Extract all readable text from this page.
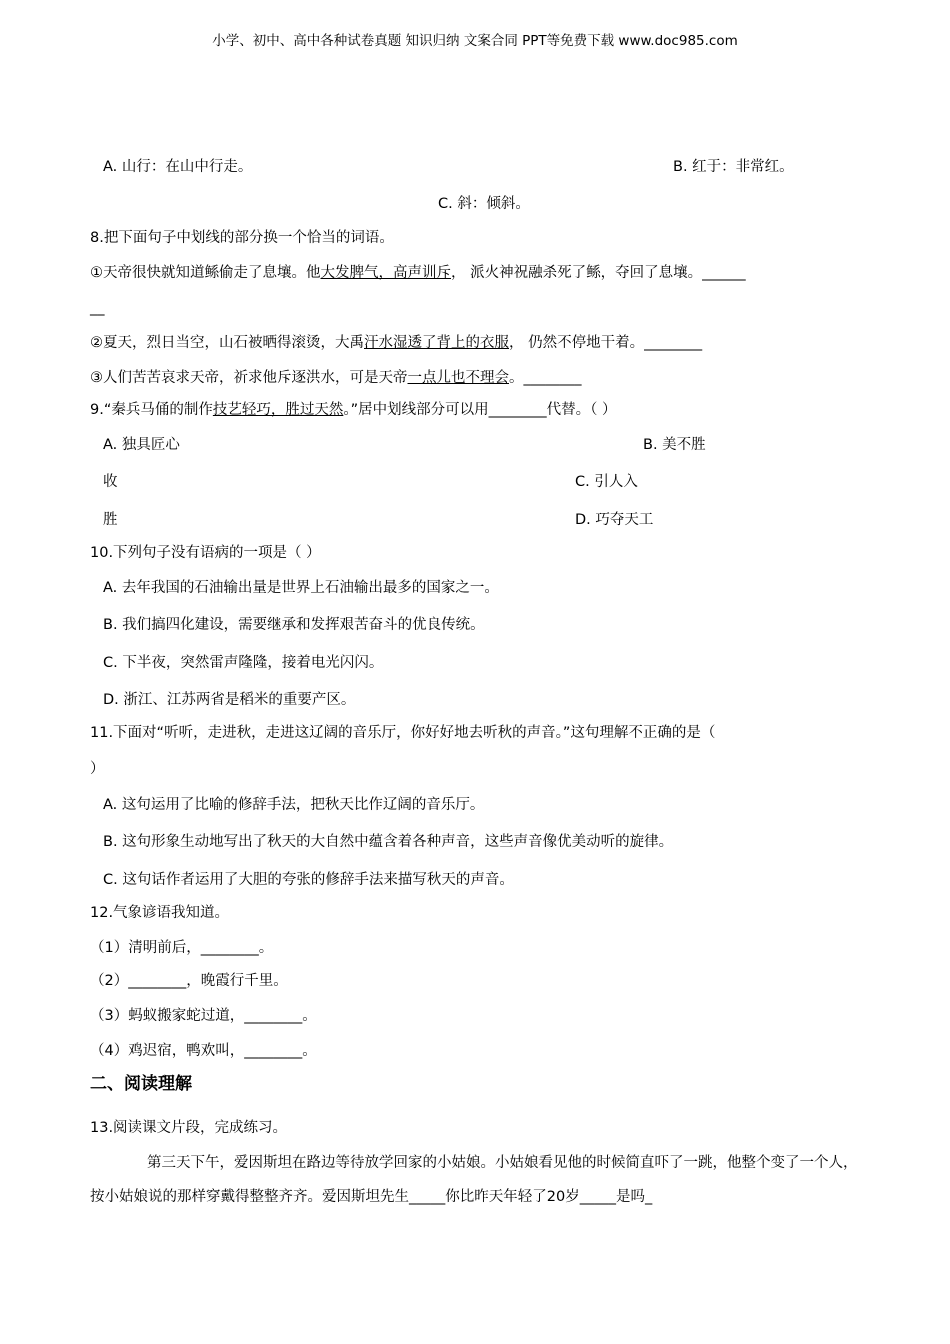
小学、初中、高中各种试卷真题 知识归纳 文案合同 PPT等免费下载 www.doc985.com
A. 山行：在山中行走。	B. 红于：非常红。
C. 斜：倾斜。
8.把下面句子中划线的部分换一个恰当的词语。
①天帝很快就知道鲧偷走了息壤。他大发脾气，高声训斥， 派火神祝融杀死了鲧，夺回了息壤。______
__
②夏天，烈日当空，山石被晒得滚烫，大禹汗水湿透了背上的衣服， 仍然不停地干着。________
③人们苦苦哀求天帝，祈求他斥逐洪水，可是天帝一点儿也不理会。________
9.“秦兵马俑的制作技艺轻巧，胜过天然。”居中划线部分可以用________代替。（ ）
A. 独具匠心	B. 美不胜
收	C. 引人入
胜	D. 巧夺天工
10.下列句子没有语病的一项是（ ）
A. 去年我国的石油输出量是世界上石油输出最多的国家之一。
B. 我们搞四化建设，需要继承和发挥艰苦奋斗的优良传统。
C. 下半夜，突然雷声隆隆，接着电光闪闪。
D. 浙江、江苏两省是稻米的重要产区。
11.下面对“听听，走进秋，走进这辽阔的音乐厅，你好好地去听秋的声音。”这句理解不正确的是（
）
A. 这句运用了比喻的修辞手法，把秋天比作辽阔的音乐厅。
B. 这句形象生动地写出了秋天的大自然中蕴含着各种声音，这些声音像优美动听的旋律。
C. 这句话作者运用了大胆的夸张的修辞手法来描写秋天的声音。
12.气象谚语我知道。
（1）清明前后，________。
（2）________，晚霞行千里。
（3）蚂蚁搬家蛇过道，________。
（4）鸡迟宿，鸭欢叫，________。
二、阅读理解
13.阅读课文片段，完成练习。
第三天下午，爱因斯坦在路边等待放学回家的小姑娘。小姑娘看见他的时候简直吓了一跳，他整个变了一个人，按小姑娘说的那样穿戴得整整齐齐。爱因斯坦先生_____你比昨天年轻了20岁_____是吗_
